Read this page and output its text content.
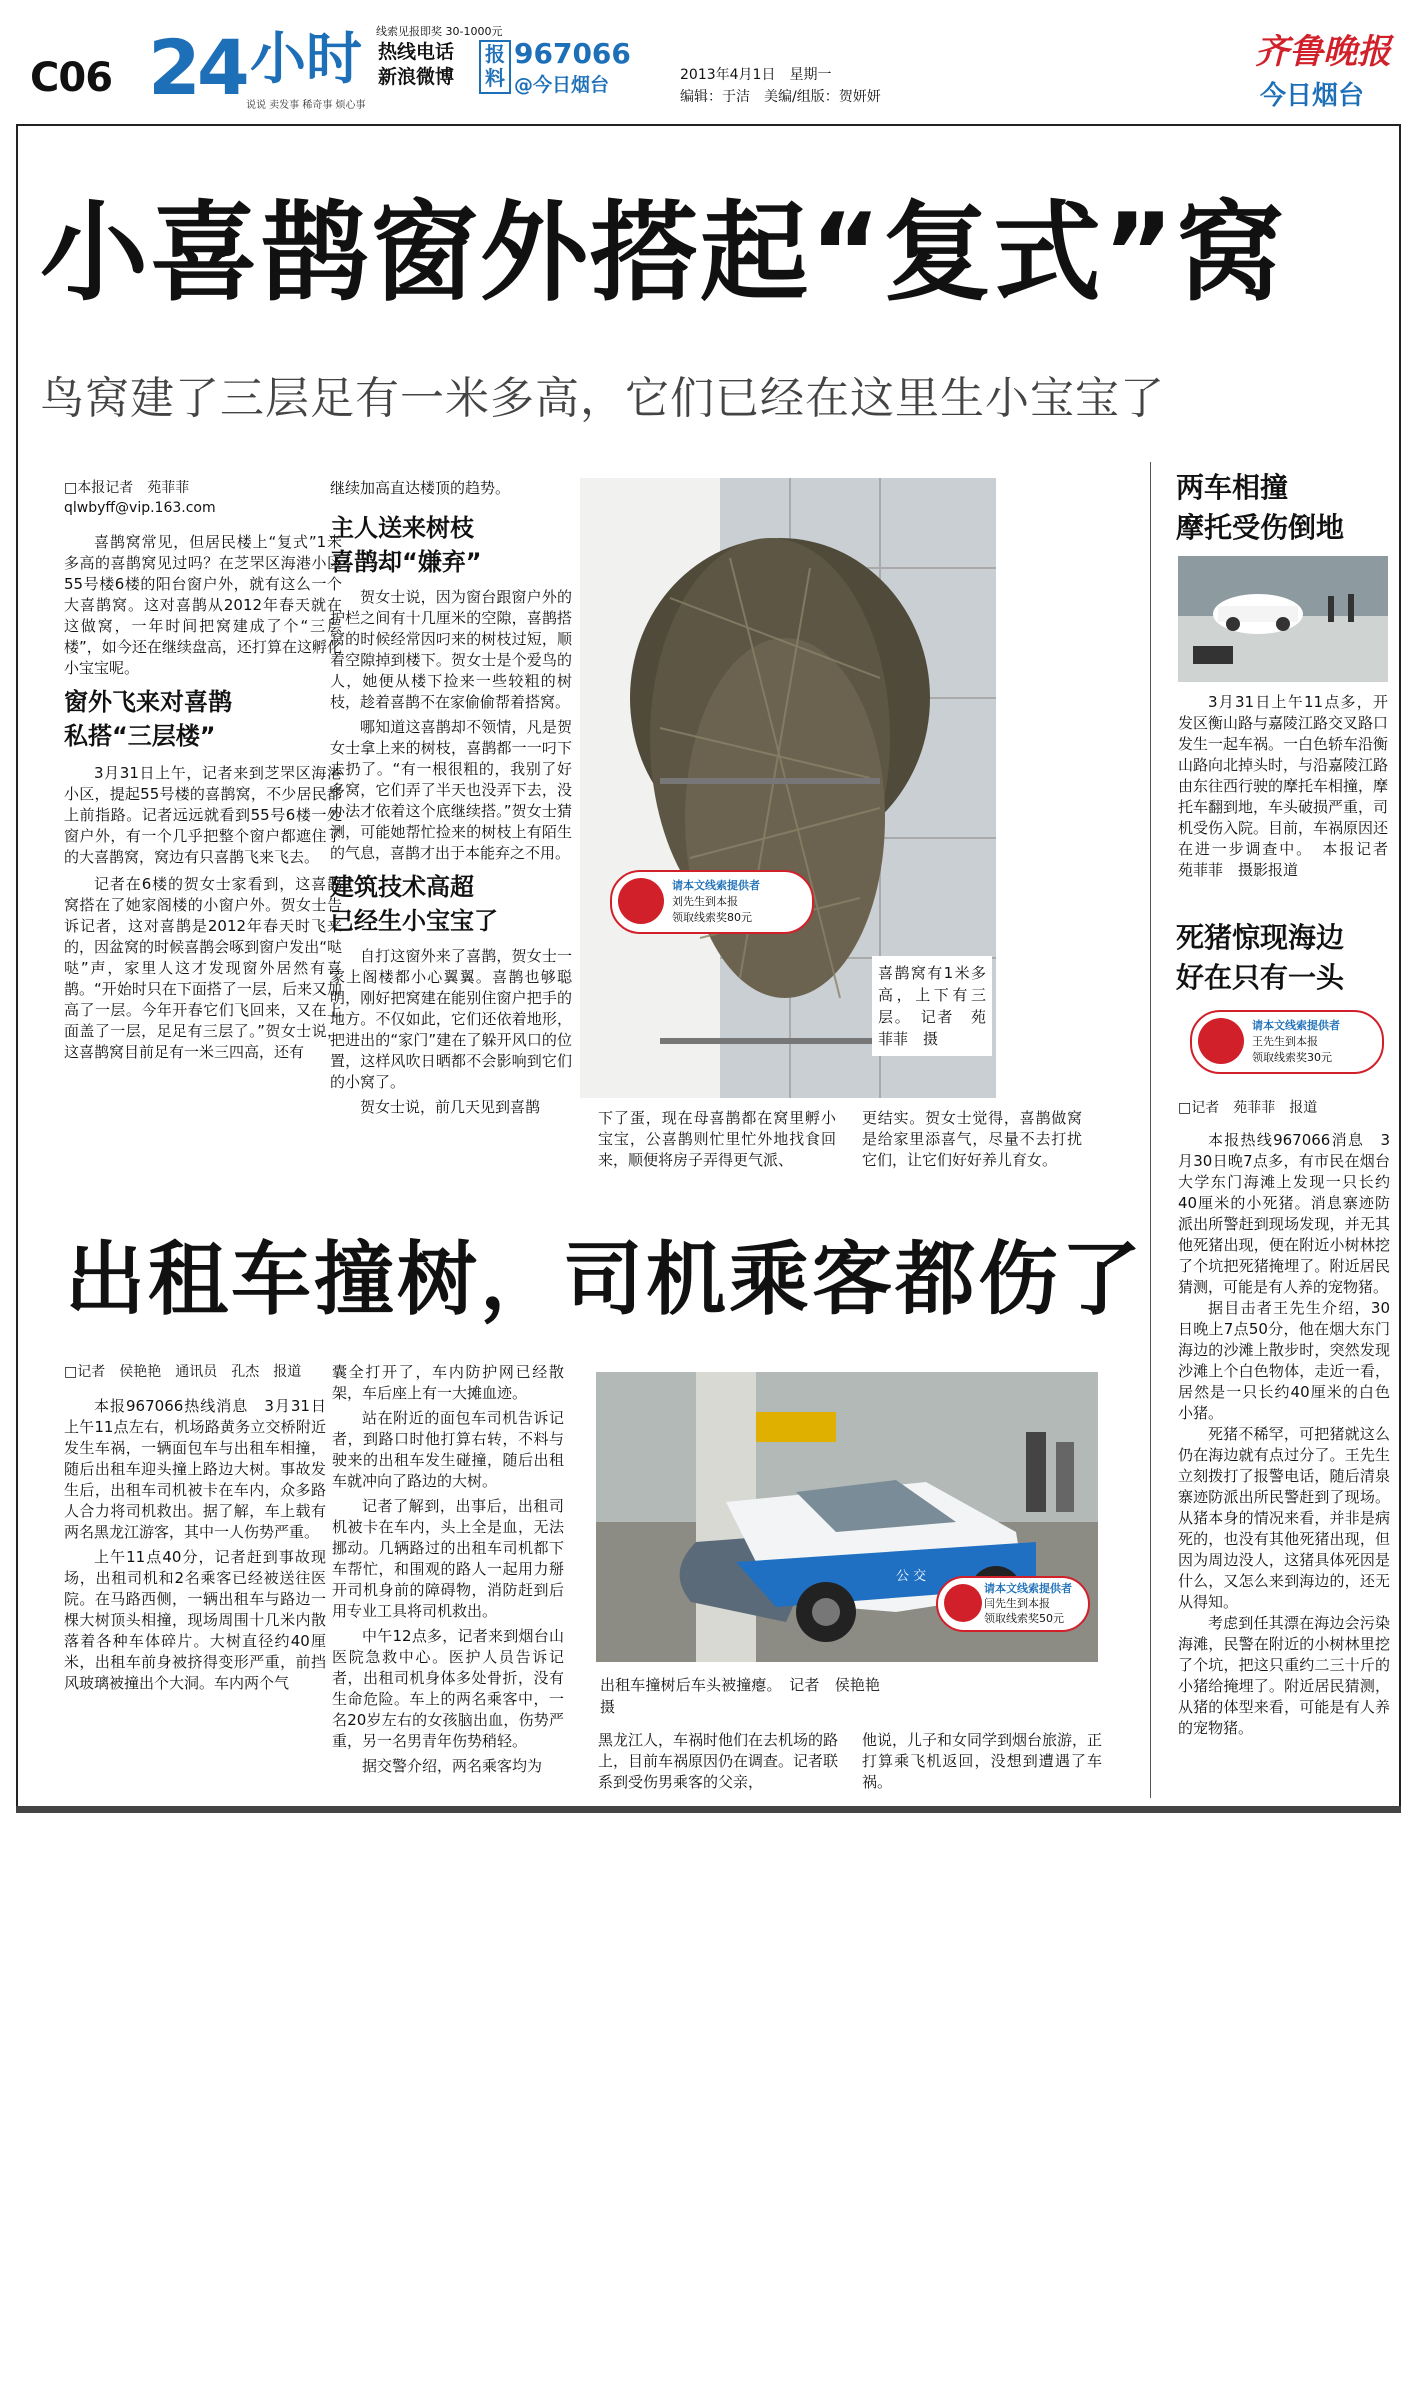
C06 24 小时
说说 卖发事 稀奇事 烦心事
线索见报即奖 30-1000元
热线电话
新浪微博
报料
967066
@今日烟台	2013年4月1日　星期一
编辑：于洁　美编/组版：贺妍妍
齐鲁晚报
今日烟台
小喜鹊窗外搭起“复式”窝
鸟窝建了三层足有一米多高，它们已经在这里生小宝宝了
□本报记者　苑菲菲
qlwbyff@vip.163.com
喜鹊窝常见，但居民楼上“复式”1米多高的喜鹊窝见过吗？在芝罘区海港小区55号楼6楼的阳台窗户外，就有这么一个大喜鹊窝。这对喜鹊从2012年春天就在这做窝，一年时间把窝建成了个“三层楼”，如今还在继续盘高，还打算在这孵化小宝宝呢。
窗外飞来对喜鹊
私搭“三层楼”
3月31日上午，记者来到芝罘区海港小区，提起55号楼的喜鹊窝，不少居民都上前指路。记者远远就看到55号6楼一处窗户外，有一个几乎把整个窗户都遮住了的大喜鹊窝，窝边有只喜鹊飞来飞去。
记者在6楼的贺女士家看到，这喜鹊窝搭在了她家阁楼的小窗户外。贺女士告诉记者，这对喜鹊是2012年春天时飞来的，因盆窝的时候喜鹊会啄到窗户发出“哒哒”声，家里人这才发现窗外居然有喜鹊。“开始时只在下面搭了一层，后来又加高了一层。今年开春它们飞回来，又在上面盖了一层，足足有三层了。”贺女士说，这喜鹊窝目前足有一米三四高，还有
继续加高直达楼顶的趋势。
主人送来树枝
喜鹊却“嫌弃”
贺女士说，因为窗台跟窗户外的护栏之间有十几厘米的空隙，喜鹊搭窝的时候经常因叼来的树枝过短，顺着空隙掉到楼下。贺女士是个爱鸟的人，她便从楼下捡来一些较粗的树枝，趁着喜鹊不在家偷偷帮着搭窝。
哪知道这喜鹊却不领情，凡是贺女士拿上来的树枝，喜鹊都一一叼下去扔了。“有一根很粗的，我别了好多窝，它们弄了半天也没弄下去，没办法才依着这个底继续搭。”贺女士猜测，可能她帮忙捡来的树枝上有陌生的气息，喜鹊才出于本能弃之不用。
建筑技术高超
已经生小宝宝了
自打这窗外来了喜鹊，贺女士一家上阁楼都小心翼翼。喜鹊也够聪明，刚好把窝建在能别住窗户把手的地方。不仅如此，它们还依着地形，把进出的“家门”建在了躲开风口的位置，这样风吹日晒都不会影响到它们的小窝了。
贺女士说，前几天见到喜鹊
请本文线索提供者
刘先生到本报
领取线索奖80元
喜鹊窝有1米多高，上下有三层。　记者　苑菲菲　摄
下了蛋，现在母喜鹊都在窝里孵小宝宝，公喜鹊则忙里忙外地找食回来，顺便将房子弄得更气派、
更结实。贺女士觉得，喜鹊做窝是给家里添喜气，尽量不去打扰它们，让它们好好养儿育女。
两车相撞
摩托受伤倒地
3月31日上午11点多，开发区衡山路与嘉陵江路交叉路口发生一起车祸。一白色轿车沿衡山路向北掉头时，与沿嘉陵江路由东往西行驶的摩托车相撞，摩托车翻到地，车头破损严重，司机受伤入院。目前，车祸原因还在进一步调查中。　本报记者　苑菲菲　摄影报道
死猪惊现海边
好在只有一头
请本文线索提供者
王先生到本报
领取线索奖30元
□记者　苑菲菲　报道
本报热线967066消息　3月30日晚7点多，有市民在烟台大学东门海滩上发现一只长约40厘米的小死猪。消息寨迹防派出所警赶到现场发现，并无其他死猪出现，便在附近小树林挖了个坑把死猪掩埋了。附近居民猜测，可能是有人养的宠物猪。
据目击者王先生介绍，30日晚上7点50分，他在烟大东门海边的沙滩上散步时，突然发现沙滩上个白色物体，走近一看，居然是一只长约40厘米的白色小猪。
死猪不稀罕，可把猪就这么仍在海边就有点过分了。王先生立刻拨打了报警电话，随后清泉寨迹防派出所民警赶到了现场。从猪本身的情况来看，并非是病死的，也没有其他死猪出现，但因为周边没人，这猪具体死因是什么，又怎么来到海边的，还无从得知。
考虑到任其漂在海边会污染海滩，民警在附近的小树林里挖了个坑，把这只重约二三十斤的小猪给掩埋了。附近居民猜测，从猪的体型来看，可能是有人养的宠物猪。
出租车撞树，司机乘客都伤了
□记者　侯艳艳　通讯员　孔杰　报道
本报967066热线消息　3月31日上午11点左右，机场路黄务立交桥附近发生车祸，一辆面包车与出租车相撞，随后出租车迎头撞上路边大树。事故发生后，出租车司机被卡在车内，众多路人合力将司机救出。据了解，车上载有两名黑龙江游客，其中一人伤势严重。
上午11点40分，记者赶到事故现场，出租司机和2名乘客已经被送往医院。在马路西侧，一辆出租车与路边一棵大树顶头相撞，现场周围十几米内散落着各种车体碎片。大树直径约40厘米，出租车前身被挤得变形严重，前挡风玻璃被撞出个大洞。车内两个气
囊全打开了，车内防护网已经散架，车后座上有一大摊血迹。
站在附近的面包车司机告诉记者，到路口时他打算右转，不料与驶来的出租车发生碰撞，随后出租车就冲向了路边的大树。
记者了解到，出事后，出租司机被卡在车内，头上全是血，无法挪动。几辆路过的出租车司机都下车帮忙，和围观的路人一起用力掰开司机身前的障碍物，消防赶到后用专业工具将司机救出。
中午12点多，记者来到烟台山医院急救中心。医护人员告诉记者，出租司机身体多处骨折，没有生命危险。车上的两名乘客中，一名20岁左右的女孩脑出血，伤势严重，另一名男青年伤势稍轻。
据交警介绍，两名乘客均为
公 交
请本文线索提供者
闫先生到本报
领取线索奖50元
出租车撞树后车头被撞瘪。　记者　侯艳艳　摄
黑龙江人，车祸时他们在去机场的路上，目前车祸原因仍在调查。记者联系到受伤男乘客的父亲，
他说，儿子和女同学到烟台旅游，正打算乘飞机返回，没想到遭遇了车祸。
